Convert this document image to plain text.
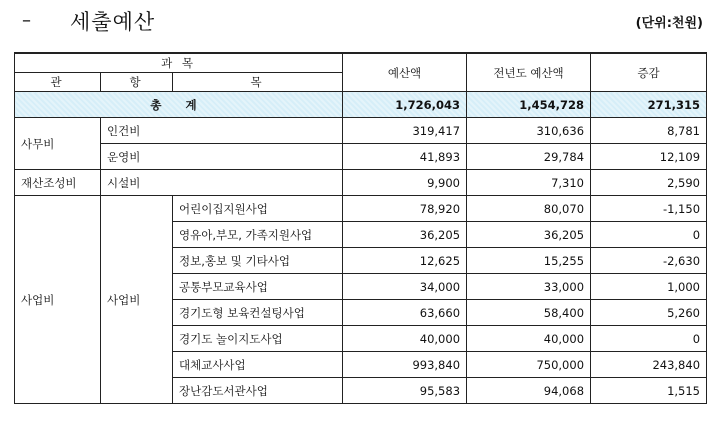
– 세출예산	(단위:천원)
과 목			예산액	전년도 예산액	증감
관	항	목			
총 계			1,726,043	1,454,728	271,315
사무비	인건비		319,417	310,636	8,781
	운영비		41,893	29,784	12,109
재산조성비	시설비		9,900	7,310	2,590
사업비	사업비	어린이집지원사업	78,920	80,070	-1,150
		영유아,부모, 가족지원사업	36,205	36,205	0
		정보,홍보 및 기타사업	12,625	15,255	-2,630
		공통부모교육사업	34,000	33,000	1,000
		경기도형 보육컨설팅사업	63,660	58,400	5,260
		경기도 놀이지도사업	40,000	40,000	0
		대체교사사업	993,840	750,000	243,840
		장난감도서관사업	95,583	94,068	1,515
